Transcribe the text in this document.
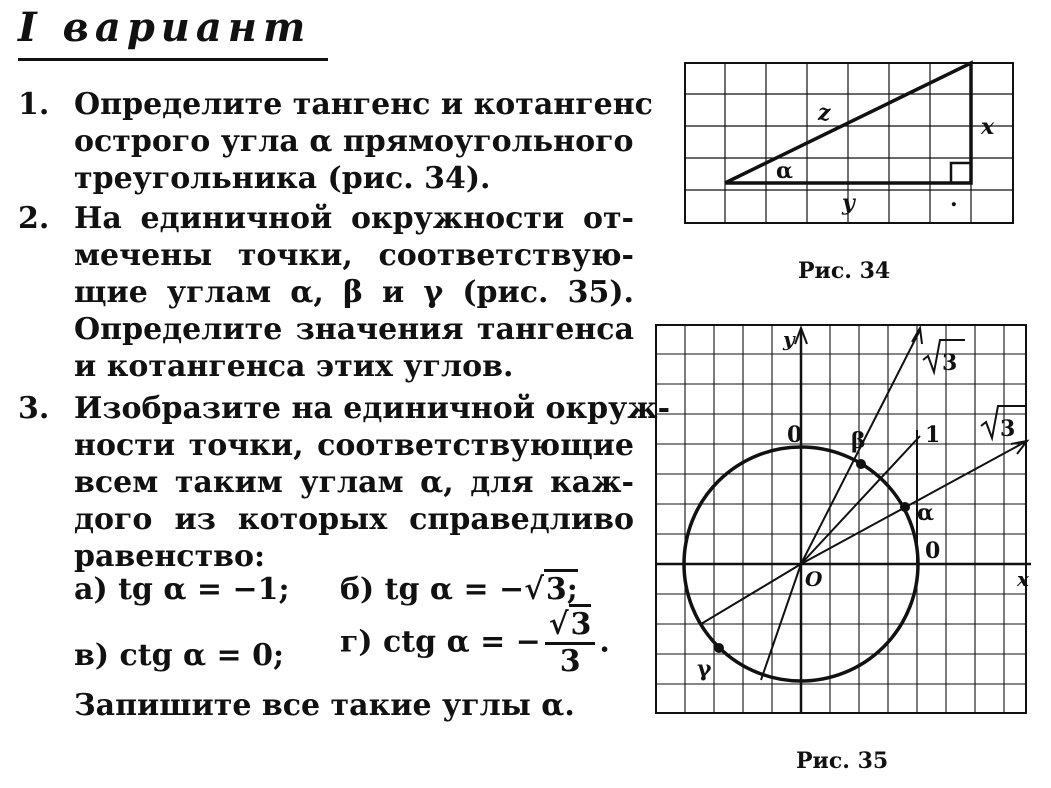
I вариант
1. Определите тангенс и котангенс
острого угла α прямоугольного
треугольника (рис. 34).
2. На единичной окружности от-
мечены точки, соответствую-
щие углам α, β и γ (рис. 35).
Определите значения тангенса
и котангенса этих углов.
3. Изобразите на единичной окруж-
ности точки, соответствующие
всем таким углам α, для каж-
дого из которых справедливо
равенство:
а) tg α = −1; б) tg α = −√3;
в) ctg α = 0; г) ctg α = − $\frac{√3}{3}$ .
Запишите все такие углы α.
z
x
y
α
.
Рис. 34
y
x
O
0
0
1
α
β
γ
3
3
Рис. 35
